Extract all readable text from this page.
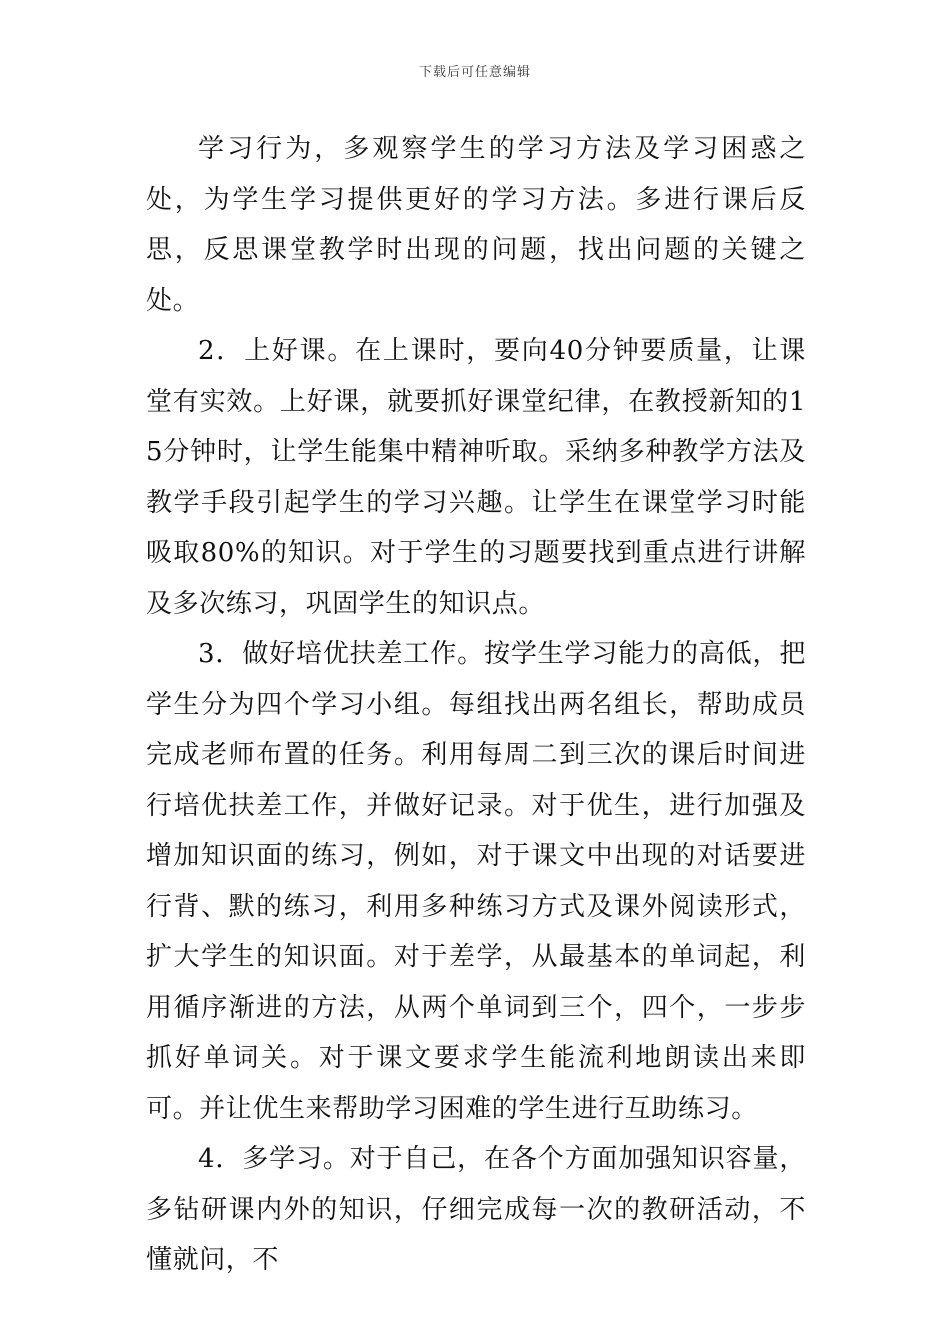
下载后可任意编辑

学习行为，多观察学生的学习方法及学习困惑之处，为学生学习提供更好的学习方法。多进行课后反思，反思课堂教学时出现的问题，找出问题的关键之处。

2．上好课。在上课时，要向40分钟要质量，让课堂有实效。上好课，就要抓好课堂纪律，在教授新知的15分钟时，让学生能集中精神听取。采纳多种教学方法及教学手段引起学生的学习兴趣。让学生在课堂学习时能吸取80%的知识。对于学生的习题要找到重点进行讲解及多次练习，巩固学生的知识点。

3．做好培优扶差工作。按学生学习能力的高低，把学生分为四个学习小组。每组找出两名组长，帮助成员完成老师布置的任务。利用每周二到三次的课后时间进行培优扶差工作，并做好记录。对于优生，进行加强及增加知识面的练习，例如，对于课文中出现的对话要进行背、默的练习，利用多种练习方式及课外阅读形式，扩大学生的知识面。对于差学，从最基本的单词起，利用循序渐进的方法，从两个单词到三个，四个，一步步抓好单词关。对于课文要求学生能流利地朗读出来即可。并让优生来帮助学习困难的学生进行互助练习。

4．多学习。对于自己，在各个方面加强知识容量，多钻研课内外的知识，仔细完成每一次的教研活动，不懂就问，不
